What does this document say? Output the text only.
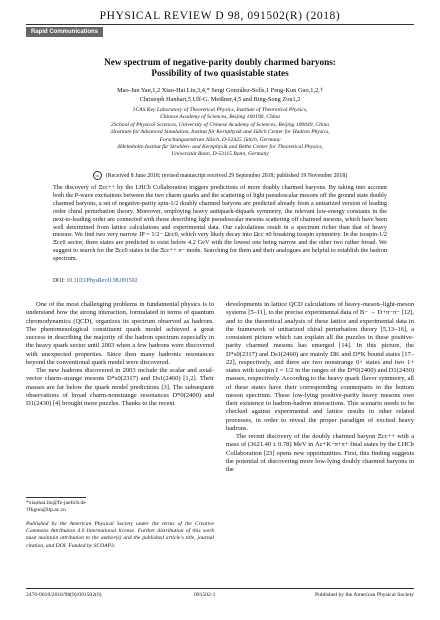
PHYSICAL REVIEW D 98, 091502(R) (2018)
Rapid Communications
New spectrum of negative-parity doubly charmed baryons:
Possibility of two quasistable states
Mao-Jun Yan,1,2 Xiao-Hai Liu,3,4,* Sergi González-Solís,1 Feng-Kun Guo,1,2,†
Christoph Hanhart,5 Ulf-G. Meißner,4,5 and Bing-Song Zou1,2
1CAS Key Laboratory of Theoretical Physics, Institute of Theoretical Physics,
Chinese Academy of Sciences, Beijing 100190, China
2School of Physical Sciences, University of Chinese Academy of Sciences, Beijing 100049, China
3Institute for Advanced Simulation, Institut für Kernphysik and Jülich Center for Hadron Physics,
Forschungszentrum Jülich, D-52425 Jülich, Germany
4Helmholtz-Institut für Strahlen- und Kernphysik and Bethe Center for Theoretical Physics,
Universität Bonn, D-53115 Bonn, Germany
cc (Received 8 June 2018; revised manuscript received 29 September 2018; published 19 November 2018)
The discovery of Ξcc++ by the LHCb Collaboration triggers predictions of more doubly charmed baryons. By taking into account both the P-wave excitations between the two charm quarks and the scattering of light pseudoscalar mesons off the ground state doubly charmed baryons, a set of negative-parity spin-1/2 doubly charmed baryons are predicted already from a unitarized version of leading order chiral perturbation theory. Moreover, employing heavy antiquark-diquark symmetry, the relevant low-energy constants in the next-to-leading order are connected with those describing light pseudoscalar mesons scattering off charmed mesons, which have been well determined from lattice calculations and experimental data. Our calculations result in a spectrum richer than that of heavy mesons. We find two very narrow JP = 1/2− Ωcc0, which very likely decay into Ωcc π0 breaking isospin symmetry. In the isospin-1/2 Ξcc0 sector, three states are predicted to exist below 4.2 GeV with the lowest one being narrow and the other two rather broad. We suggest to search for the Ξcc0 states in the Ξcc++ π− mode. Searching for them and their analogues are helpful to establish the hadron spectrum.
DOI: 10.1103/PhysRevD.98.091502

One of the most challenging problems in fundamental physics is to understand how the strong interaction, formulated in terms of quantum chromodynamics (QCD), organizes its spectrum observed as hadrons. The phenomenological constituent quark model achieved a great success in describing the majority of the hadron spectrum especially in the heavy quark sector until 2003 when a few hadrons were discovered with unexpected properties. Since then many hadronic resonances beyond the conventional quark model were discovered.

The new hadrons discovered in 2003 include the scalar and axial-vector charm-strange mesons D*s0(2317) and Ds1(2460) [1,2]. Their masses are far below the quark model predictions [3]. The subsequent observations of broad charm-nonstrange resonances D*0(2400) and D1(2430) [4] brought more puzzles. Thanks to the recent

developments in lattice QCD calculations of heavy-meson–light-meson systems [5–11], to the precise experimental data of B− → D+π−π− [12], and to the theoretical analysis of these lattice and experimental data in the framework of unitarized chiral perturbation theory [5,13–16], a consistent picture which can explain all the puzzles in these positive-parity charmed mesons has emerged [14]. In this picture, the D*s0(2317) and Ds1(2460) are mainly DK and D*K bound states [17–22], respectively, and there are two nonstrange 0+ states and two 1+ states with isospin I = 1/2 in the ranges of the D*0(2400) and D1(2430) masses, respectively. According to the heavy quark flavor symmetry, all of these states have their corresponding counterparts in the bottom meson spectrum. These low-lying positive-parity heavy mesons owe their existence to hadron-hadron interactions. This scenario needs to be checked against experimental and lattice results in other related processes, in order to reveal the proper paradigm of excited heavy hadrons.

The recent discovery of the doubly charmed baryon Ξcc++ with a mass of (3621.40 ± 0.78) MeV in Λc+K−π+π+ final states by the LHCb Collaboration [23] opens new opportunities. First, this finding suggests the potential of discovering more low-lying doubly charmed baryons in the

*xiaohai.liu@fz-juelich.de
†fkguo@itp.ac.cn
Published by the American Physical Society under the terms of the Creative Commons Attribution 4.0 International license. Further distribution of this work must maintain attribution to the author(s) and the published article's title, journal citation, and DOI. Funded by SCOAP3.
2470-0010/2018/98(9)/091502(6)	091502-1	Published by the American Physical Society
